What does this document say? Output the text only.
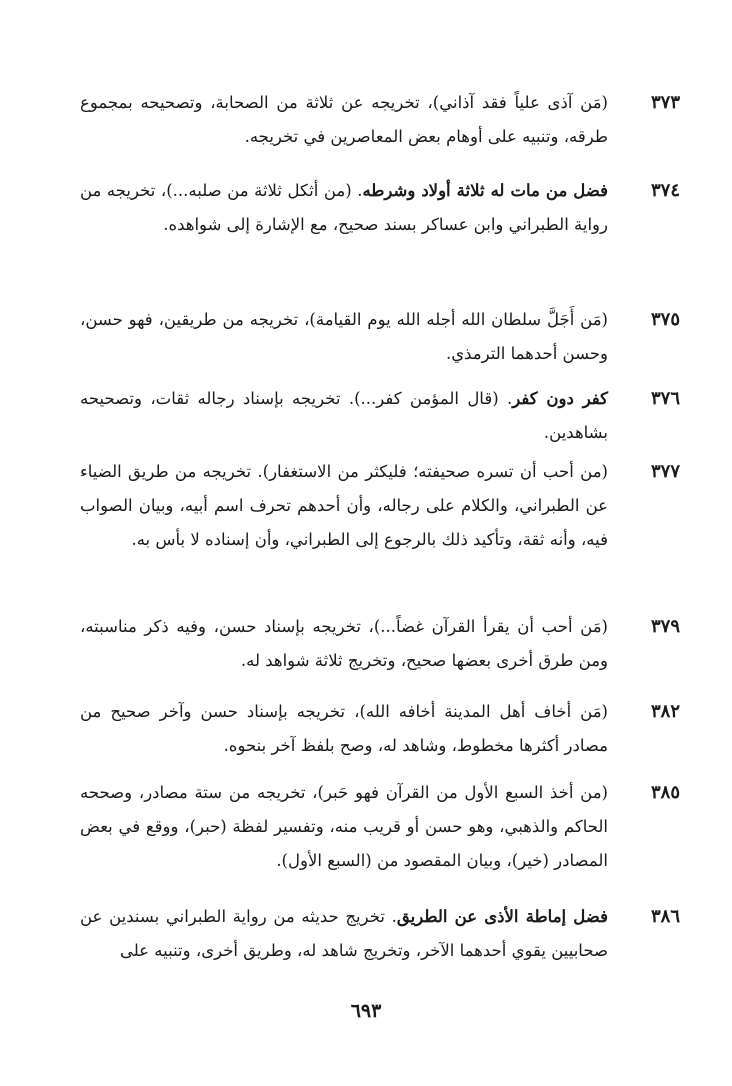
٣٧٣
(مَن آذى علياً فقد آذاني)، تخريجه عن ثلاثة من الصحابة، وتصحيحه بمجموع طرقه، وتنبيه على أوهام بعض المعاصرين في تخريجه.
٣٧٤
فضل من مات له ثلاثة أولاد وشرطه. (من أثكل ثلاثة من صلبه...)، تخريجه من رواية الطبراني وابن عساكر بسند صحيح، مع الإشارة إلى شواهده.
٣٧٥
(مَن أَجَلَّ سلطان الله أجله الله يوم القيامة)، تخريجه من طريقين، فهو حسن، وحسن أحدهما الترمذي.
٣٧٦
كفر دون كفر. (قال المؤمن كفر...). تخريجه بإسناد رجاله ثقات، وتصحيحه بشاهدين.
٣٧٧
(من أحب أن تسره صحيفته؛ فليكثر من الاستغفار). تخريجه من طريق الضياء عن الطبراني، والكلام على رجاله، وأن أحدهم تحرف اسم أبيه، وبيان الصواب فيه، وأنه ثقة، وتأكيد ذلك بالرجوع إلى الطبراني، وأن إسناده لا بأس به.
٣٧٩
(مَن أحب أن يقرأ القرآن غضاً...)، تخريجه بإسناد حسن، وفيه ذكر مناسبته، ومن طرق أخرى بعضها صحيح، وتخريج ثلاثة شواهد له.
٣٨٢
(مَن أخاف أهل المدينة أخافه الله)، تخريجه بإسناد حسن وآخر صحيح من مصادر أكثرها مخطوط، وشاهد له، وصح بلفظ آخر بنحوه.
٣٨٥
(من أخذ السبع الأول من القرآن فهو حَبر)، تخريجه من ستة مصادر، وصححه الحاكم والذهبي، وهو حسن أو قريب منه، وتفسير لفظة (حبر)، ووقع في بعض المصادر (خير)، وبيان المقصود من (السبع الأول).
٣٨٦
فضل إماطة الأذى عن الطريق. تخريج حديثه من رواية الطبراني بسندين عن صحابيين يقوي أحدهما الآخر، وتخريج شاهد له، وطريق أخرى، وتنبيه على
٦٩٣
